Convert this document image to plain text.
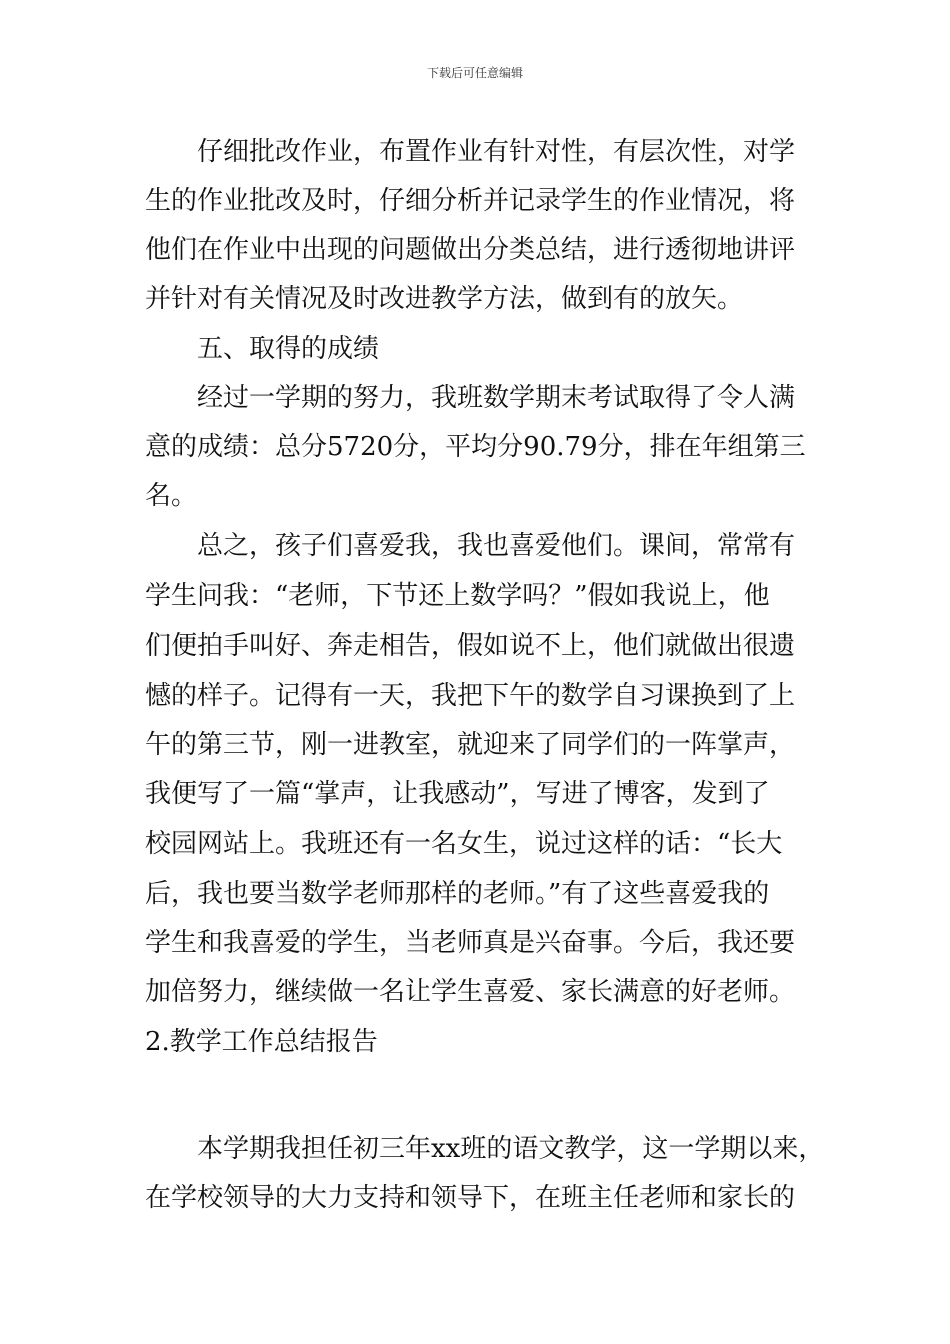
下载后可任意编辑
仔细批改作业，布置作业有针对性，有层次性，对学
生的作业批改及时，仔细分析并记录学生的作业情况，将
他们在作业中出现的问题做出分类总结，进行透彻地讲评
并针对有关情况及时改进教学方法，做到有的放矢。
五、取得的成绩
经过一学期的努力，我班数学期末考试取得了令人满
意的成绩：总分5720分，平均分90.79分，排在年组第三
名。
总之，孩子们喜爱我，我也喜爱他们。课间，常常有
学生问我：“老师，下节还上数学吗？”假如我说上，他
们便拍手叫好、奔走相告，假如说不上，他们就做出很遗
憾的样子。记得有一天，我把下午的数学自习课换到了上
午的第三节，刚一进教室，就迎来了同学们的一阵掌声，
我便写了一篇“掌声，让我感动”，写进了博客，发到了
校园网站上。我班还有一名女生，说过这样的话：“长大
后，我也要当数学老师那样的老师。”有了这些喜爱我的
学生和我喜爱的学生，当老师真是兴奋事。今后，我还要
加倍努力，继续做一名让学生喜爱、家长满意的好老师。
2.教学工作总结报告
本学期我担任初三年xx班的语文教学，这一学期以来，
在学校领导的大力支持和领导下，在班主任老师和家长的
